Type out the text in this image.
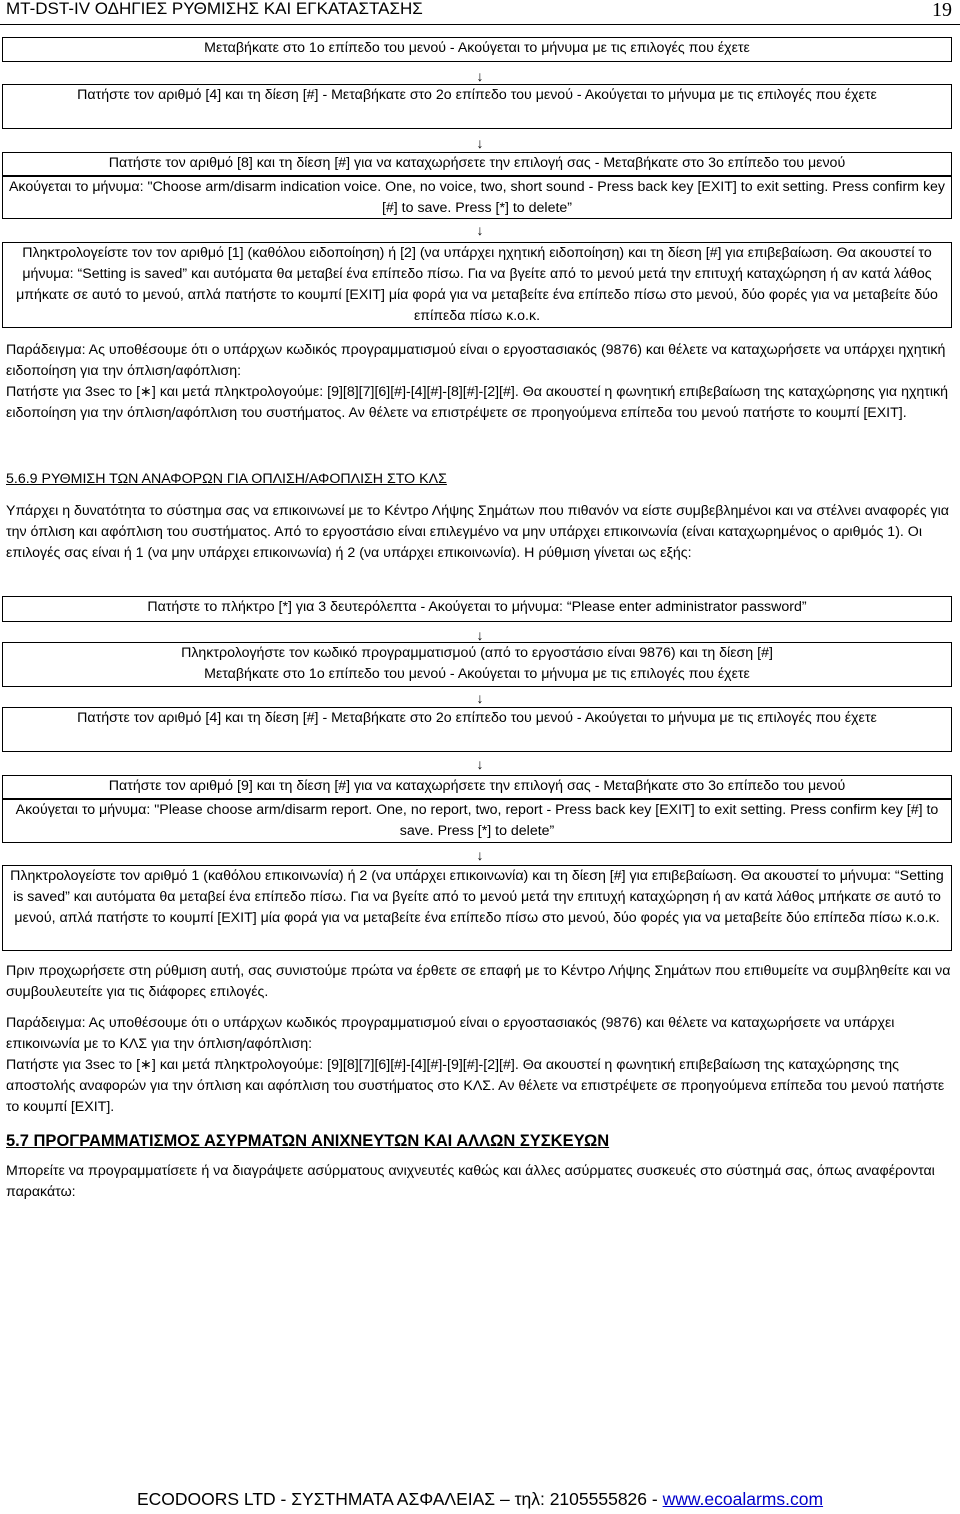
MT-DST-IV ΟΔΗΓΙΕΣ ΡΥΘΜΙΣΗΣ ΚΑΙ ΕΓΚΑΤΑΣΤΑΣΗΣ	19

Μεταβήκατε στο 1ο επίπεδο του μενού - Ακούγεται το μήνυμα με τις επιλογές που έχετε

↓

Πατήστε τον αριθμό [4] και τη δίεση [#] - Μεταβήκατε στο 2ο επίπεδο του μενού - Ακούγεται το μήνυμα με τις επιλογές που έχετε

↓

Πατήστε τον αριθμό [8] και τη δίεση [#] για να καταχωρήσετε την επιλογή σας - Μεταβήκατε στο 3ο επίπεδο του μενού

Ακούγεται το μήνυμα: "Choose arm/disarm indication voice. One, no voice, two, short sound - Press back key [EXIT] to exit setting. Press confirm key [#] to save. Press [*] to delete”

↓

Πληκτρολογείστε τον τον αριθμό [1] (καθόλου ειδοποίηση) ή [2] (να υπάρχει ηχητική ειδοποίηση) και τη δίεση [#] για επιβεβαίωση. Θα ακουστεί το μήνυμα: “Setting is saved” και αυτόματα θα μεταβεί ένα επίπεδο πίσω. Για να βγείτε από το μενού μετά την επιτυχή καταχώρηση ή αν κατά λάθος μπήκατε σε αυτό το μενού, απλά πατήστε το κουμπί [EXIT] μία φορά για να μεταβείτε ένα επίπεδο πίσω στο μενού, δύο φορές για να μεταβείτε δύο επίπεδα πίσω κ.ο.κ.

Παράδειγμα: Ας υποθέσουμε ότι ο υπάρχων κωδικός προγραμματισμού είναι ο εργοστασιακός (9876) και θέλετε να καταχωρήσετε να υπάρχει ηχητική ειδοποίηση για την όπλιση/αφόπλιση:

Πατήστε για 3sec το [∗] και μετά πληκτρολογούμε: [9][8][7][6][#]-[4][#]-[8][#]-[2][#]. Θα ακουστεί η φωνητική επιβεβαίωση της καταχώρησης για ηχητική ειδοποίηση για την όπλιση/αφόπλιση του συστήματος. Αν θέλετε να επιστρέψετε σε προηγούμενα επίπεδα του μενού πατήστε το κουμπί [EXIT].

5.6.9 ΡΥΘΜΙΣΗ ΤΩΝ ΑΝΑΦΟΡΩΝ ΓΙΑ ΟΠΛΙΣΗ/ΑΦΟΠΛΙΣΗ ΣΤΟ ΚΛΣ
Υπάρχει η δυνατότητα το σύστημα σας να επικοινωνεί με το Κέντρο Λήψης Σημάτων που πιθανόν να είστε συμβεβλημένοι και να στέλνει αναφορές για την όπλιση και αφόπλιση του συστήματος. Από το εργοστάσιο είναι επιλεγμένο να μην υπάρχει επικοινωνία (είναι καταχωρημένος ο αριθμός 1). Οι επιλογές σας είναι ή 1 (να μην υπάρχει επικοινωνία) ή 2 (να υπάρχει επικοινωνία). Η ρύθμιση γίνεται ως εξής:

Πατήστε το πλήκτρο [*] για 3 δευτερόλεπτα - Ακούγεται το μήνυμα: “Please enter administrator password”

↓

Πληκτρολογήστε τον κωδικό προγραμματισμού (από το εργοστάσιο είναι 9876) και τη δίεση [#]

Μεταβήκατε στο 1ο επίπεδο του μενού - Ακούγεται το μήνυμα με τις επιλογές που έχετε

↓

Πατήστε τον αριθμό [4] και τη δίεση [#] - Μεταβήκατε στο 2ο επίπεδο του μενού - Ακούγεται το μήνυμα με τις επιλογές που έχετε

↓

Πατήστε τον αριθμό [9] και τη δίεση [#] για να καταχωρήσετε την επιλογή σας - Μεταβήκατε στο 3ο επίπεδο του μενού

Ακούγεται το μήνυμα: "Please choose arm/disarm report. One, no report, two, report - Press back key [EXIT] to exit setting. Press confirm key [#] to save. Press [*] to delete”

↓

Πληκτρολογείστε τον αριθμό 1 (καθόλου επικοινωνία) ή 2 (να υπάρχει επικοινωνία) και τη δίεση [#] για επιβεβαίωση. Θα ακουστεί το μήνυμα: “Setting is saved” και αυτόματα θα μεταβεί ένα επίπεδο πίσω. Για να βγείτε από το μενού μετά την επιτυχή καταχώρηση ή αν κατά λάθος μπήκατε σε αυτό το μενού, απλά πατήστε το κουμπί [EXIT] μία φορά για να μεταβείτε ένα επίπεδο πίσω στο μενού, δύο φορές για να μεταβείτε δύο επίπεδα πίσω κ.ο.κ.

Πριν προχωρήσετε στη ρύθμιση αυτή, σας συνιστούμε πρώτα να έρθετε σε επαφή με το Κέντρο Λήψης Σημάτων που επιθυμείτε να συμβληθείτε και να συμβουλευτείτε για τις διάφορες επιλογές.

Παράδειγμα: Ας υποθέσουμε ότι ο υπάρχων κωδικός προγραμματισμού είναι ο εργοστασιακός (9876) και θέλετε να καταχωρήσετε να υπάρχει επικοινωνία με το ΚΛΣ για την όπλιση/αφόπλιση:

Πατήστε για 3sec το [∗] και μετά πληκτρολογούμε: [9][8][7][6][#]-[4][#]-[9][#]-[2][#]. Θα ακουστεί η φωνητική επιβεβαίωση της καταχώρησης της αποστολής αναφορών για την όπλιση και αφόπλιση του συστήματος στο ΚΛΣ. Αν θέλετε να επιστρέψετε σε προηγούμενα επίπεδα του μενού πατήστε το κουμπί [EXIT].

5.7 ΠΡΟΓΡΑΜΜΑΤΙΣΜΟΣ ΑΣΥΡΜΑΤΩΝ ΑΝΙΧΝΕΥΤΩΝ ΚΑΙ ΑΛΛΩΝ ΣΥΣΚΕΥΩΝ
Μπορείτε να προγραμματίσετε ή να διαγράψετε ασύρματους ανιχνευτές καθώς και άλλες ασύρματες συσκευές στο σύστημά σας, όπως αναφέρονται παρακάτω:
ECODOORS LTD - ΣΥΣΤΗΜΑΤΑ ΑΣΦΑΛΕΙΑΣ – τηλ: 2105555826 - www.ecoalarms.com
